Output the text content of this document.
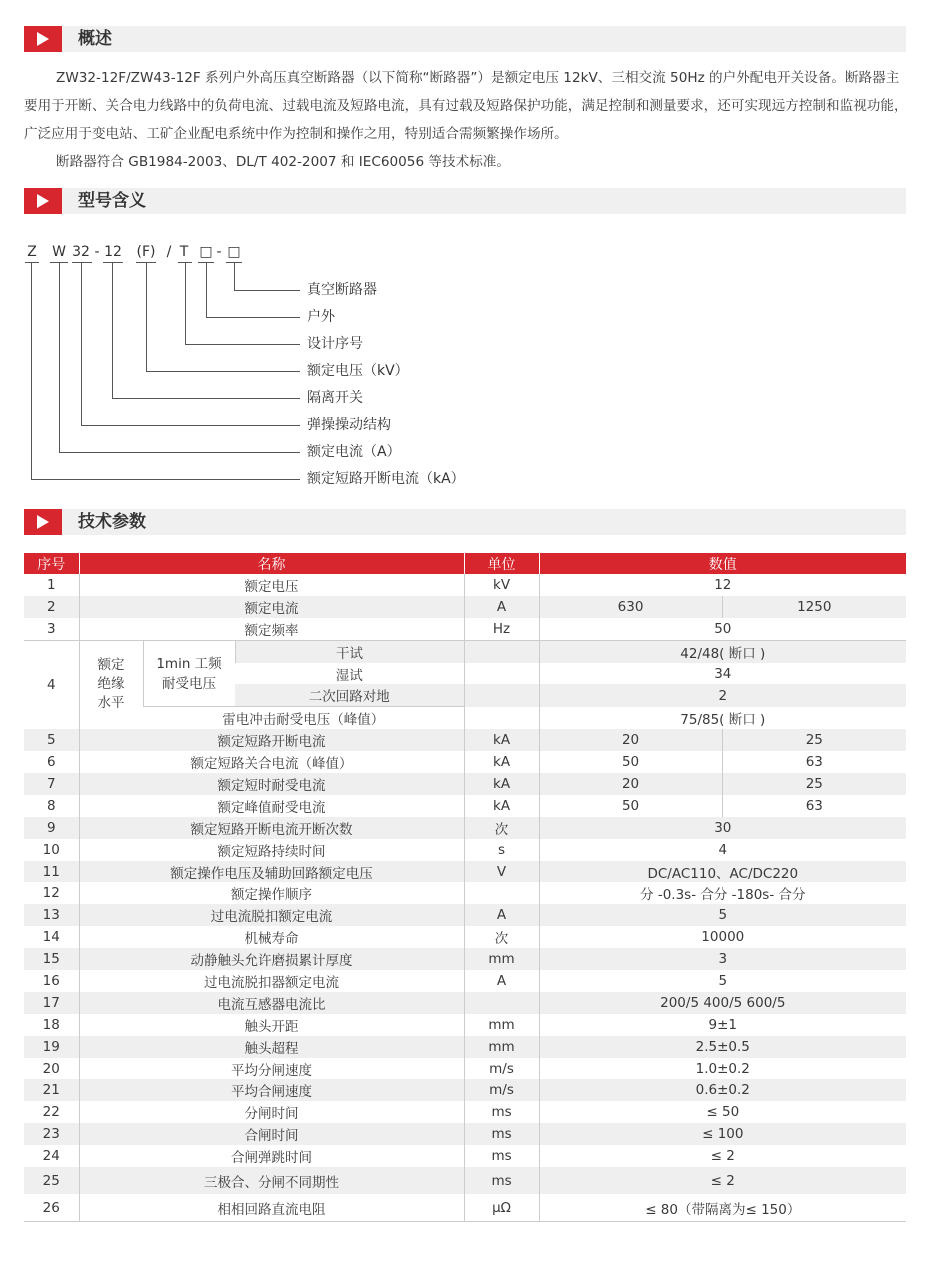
概述

ZW32-12F/ZW43-12F 系列户外高压真空断路器（以下简称“断路器”）是额定电压 12kV、三相交流 50Hz 的户外配电开关设备。断路器主要用于开断、关合电力线路中的负荷电流、过载电流及短路电流，具有过载及短路保护功能，满足控制和测量要求，还可实现远方控制和监视功能，广泛应用于变电站、工矿企业配电系统中作为控制和操作之用，特别适合需频繁操作场所。

断路器符合 GB1984-2003、DL/T 402-2007 和 IEC60056 等技术标准。

型号含义
Z W 32 - 12	(F) / T □ - □
真空断路器
户外
设计序号
额定电压（kV）
隔离开关
弹操操动结构
额定电流（A）
额定短路开断电流（kA）
技术参数
序号	名称			单位	数值	
1	额定电压			kV	12	
2	额定电流			A	630	1250
3	额定频率			Hz	50	
4	额定绝缘水平	1min 工频耐受电压	干试		42/48( 断口 )	
			湿试		34	
			二次回路对地		2	
		雷电冲击耐受电压（峰值）			75/85( 断口 )	
5	额定短路开断电流			kA	20	25
6	额定短路关合电流（峰值）			kA	50	63
7	额定短时耐受电流			kA	20	25
8	额定峰值耐受电流			kA	50	63
9	额定短路开断电流开断次数			次	30	
10	额定短路持续时间			s	4	
11	额定操作电压及辅助回路额定电压			V	DC/AC110、AC/DC220	
12	额定操作顺序				分 -0.3s- 合分 -180s- 合分	
13	过电流脱扣额定电流			A	5	
14	机械寿命			次	10000	
15	动静触头允许磨损累计厚度			mm	3	
16	过电流脱扣器额定电流			A	5	
17	电流互感器电流比				200/5 400/5 600/5	
18	触头开距			mm	9±1	
19	触头超程			mm	2.5±0.5	
20	平均分闸速度			m/s	1.0±0.2	
21	平均合闸速度			m/s	0.6±0.2	
22	分闸时间			ms	≤ 50	
23	合闸时间			ms	≤ 100	
24	合闸弹跳时间			ms	≤ 2	
25	三极合、分闸不同期性			ms	≤ 2	
26	相相回路直流电阻			μΩ	≤ 80（带隔离为≤ 150）	
